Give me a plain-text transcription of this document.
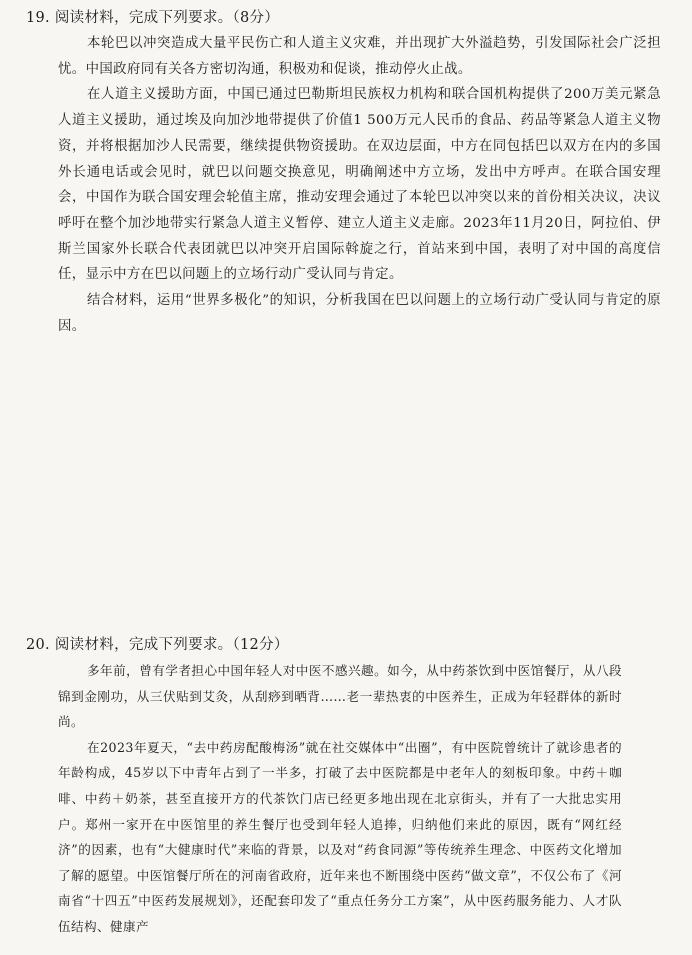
19. 阅读材料，完成下列要求。（8分）

本轮巴以冲突造成大量平民伤亡和人道主义灾难，并出现扩大外溢趋势，引发国际社会广泛担忧。中国政府同有关各方密切沟通，积极劝和促谈，推动停火止战。

在人道主义援助方面，中国已通过巴勒斯坦民族权力机构和联合国机构提供了200万美元紧急人道主义援助，通过埃及向加沙地带提供了价值1 500万元人民币的食品、药品等紧急人道主义物资，并将根据加沙人民需要，继续提供物资援助。在双边层面，中方在同包括巴以双方在内的多国外长通电话或会见时，就巴以问题交换意见，明确阐述中方立场，发出中方呼声。在联合国安理会，中国作为联合国安理会轮值主席，推动安理会通过了本轮巴以冲突以来的首份相关决议，决议呼吁在整个加沙地带实行紧急人道主义暂停、建立人道主义走廊。2023年11月20日，阿拉伯、伊斯兰国家外长联合代表团就巴以冲突开启国际斡旋之行，首站来到中国，表明了对中国的高度信任，显示中方在巴以问题上的立场行动广受认同与肯定。

结合材料，运用“世界多极化”的知识，分析我国在巴以问题上的立场行动广受认同与肯定的原因。

20. 阅读材料，完成下列要求。（12分）

多年前，曾有学者担心中国年轻人对中医不感兴趣。如今，从中药茶饮到中医馆餐厅，从八段锦到金刚功，从三伏贴到艾灸，从刮痧到晒背……老一辈热衷的中医养生，正成为年轻群体的新时尚。

在2023年夏天，“去中药房配酸梅汤”就在社交媒体中“出圈”，有中医院曾统计了就诊患者的年龄构成，45岁以下中青年占到了一半多，打破了去中医院都是中老年人的刻板印象。中药＋咖啡、中药＋奶茶，甚至直接开方的代茶饮门店已经更多地出现在北京街头，并有了一大批忠实用户。郑州一家开在中医馆里的养生餐厅也受到年轻人追捧，归纳他们来此的原因，既有“网红经济”的因素，也有“大健康时代”来临的背景，以及对“药食同源”等传统养生理念、中医药文化增加了解的愿望。中医馆餐厅所在的河南省政府，近年来也不断围绕中医药“做文章”，不仅公布了《河南省“十四五”中医药发展规划》，还配套印发了“重点任务分工方案”，从中医药服务能力、人才队伍结构、健康产
